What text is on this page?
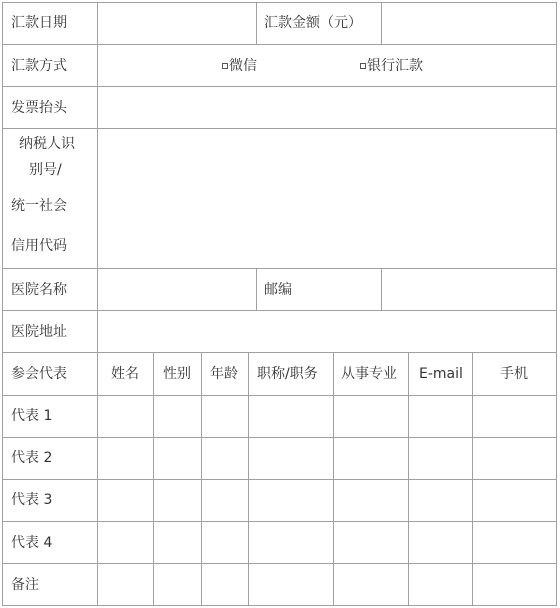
汇款日期	汇款金额（元）
汇款方式	微信	银行汇款
发票抬头
纳税人识
别号/
统一社会
信用代码
医院名称	邮编
医院地址
参会代表	姓名 性别 年龄 职称/职务 从事专业 E-mail	手机
代表 1
代表 2
代表 3
代表 4
备注
